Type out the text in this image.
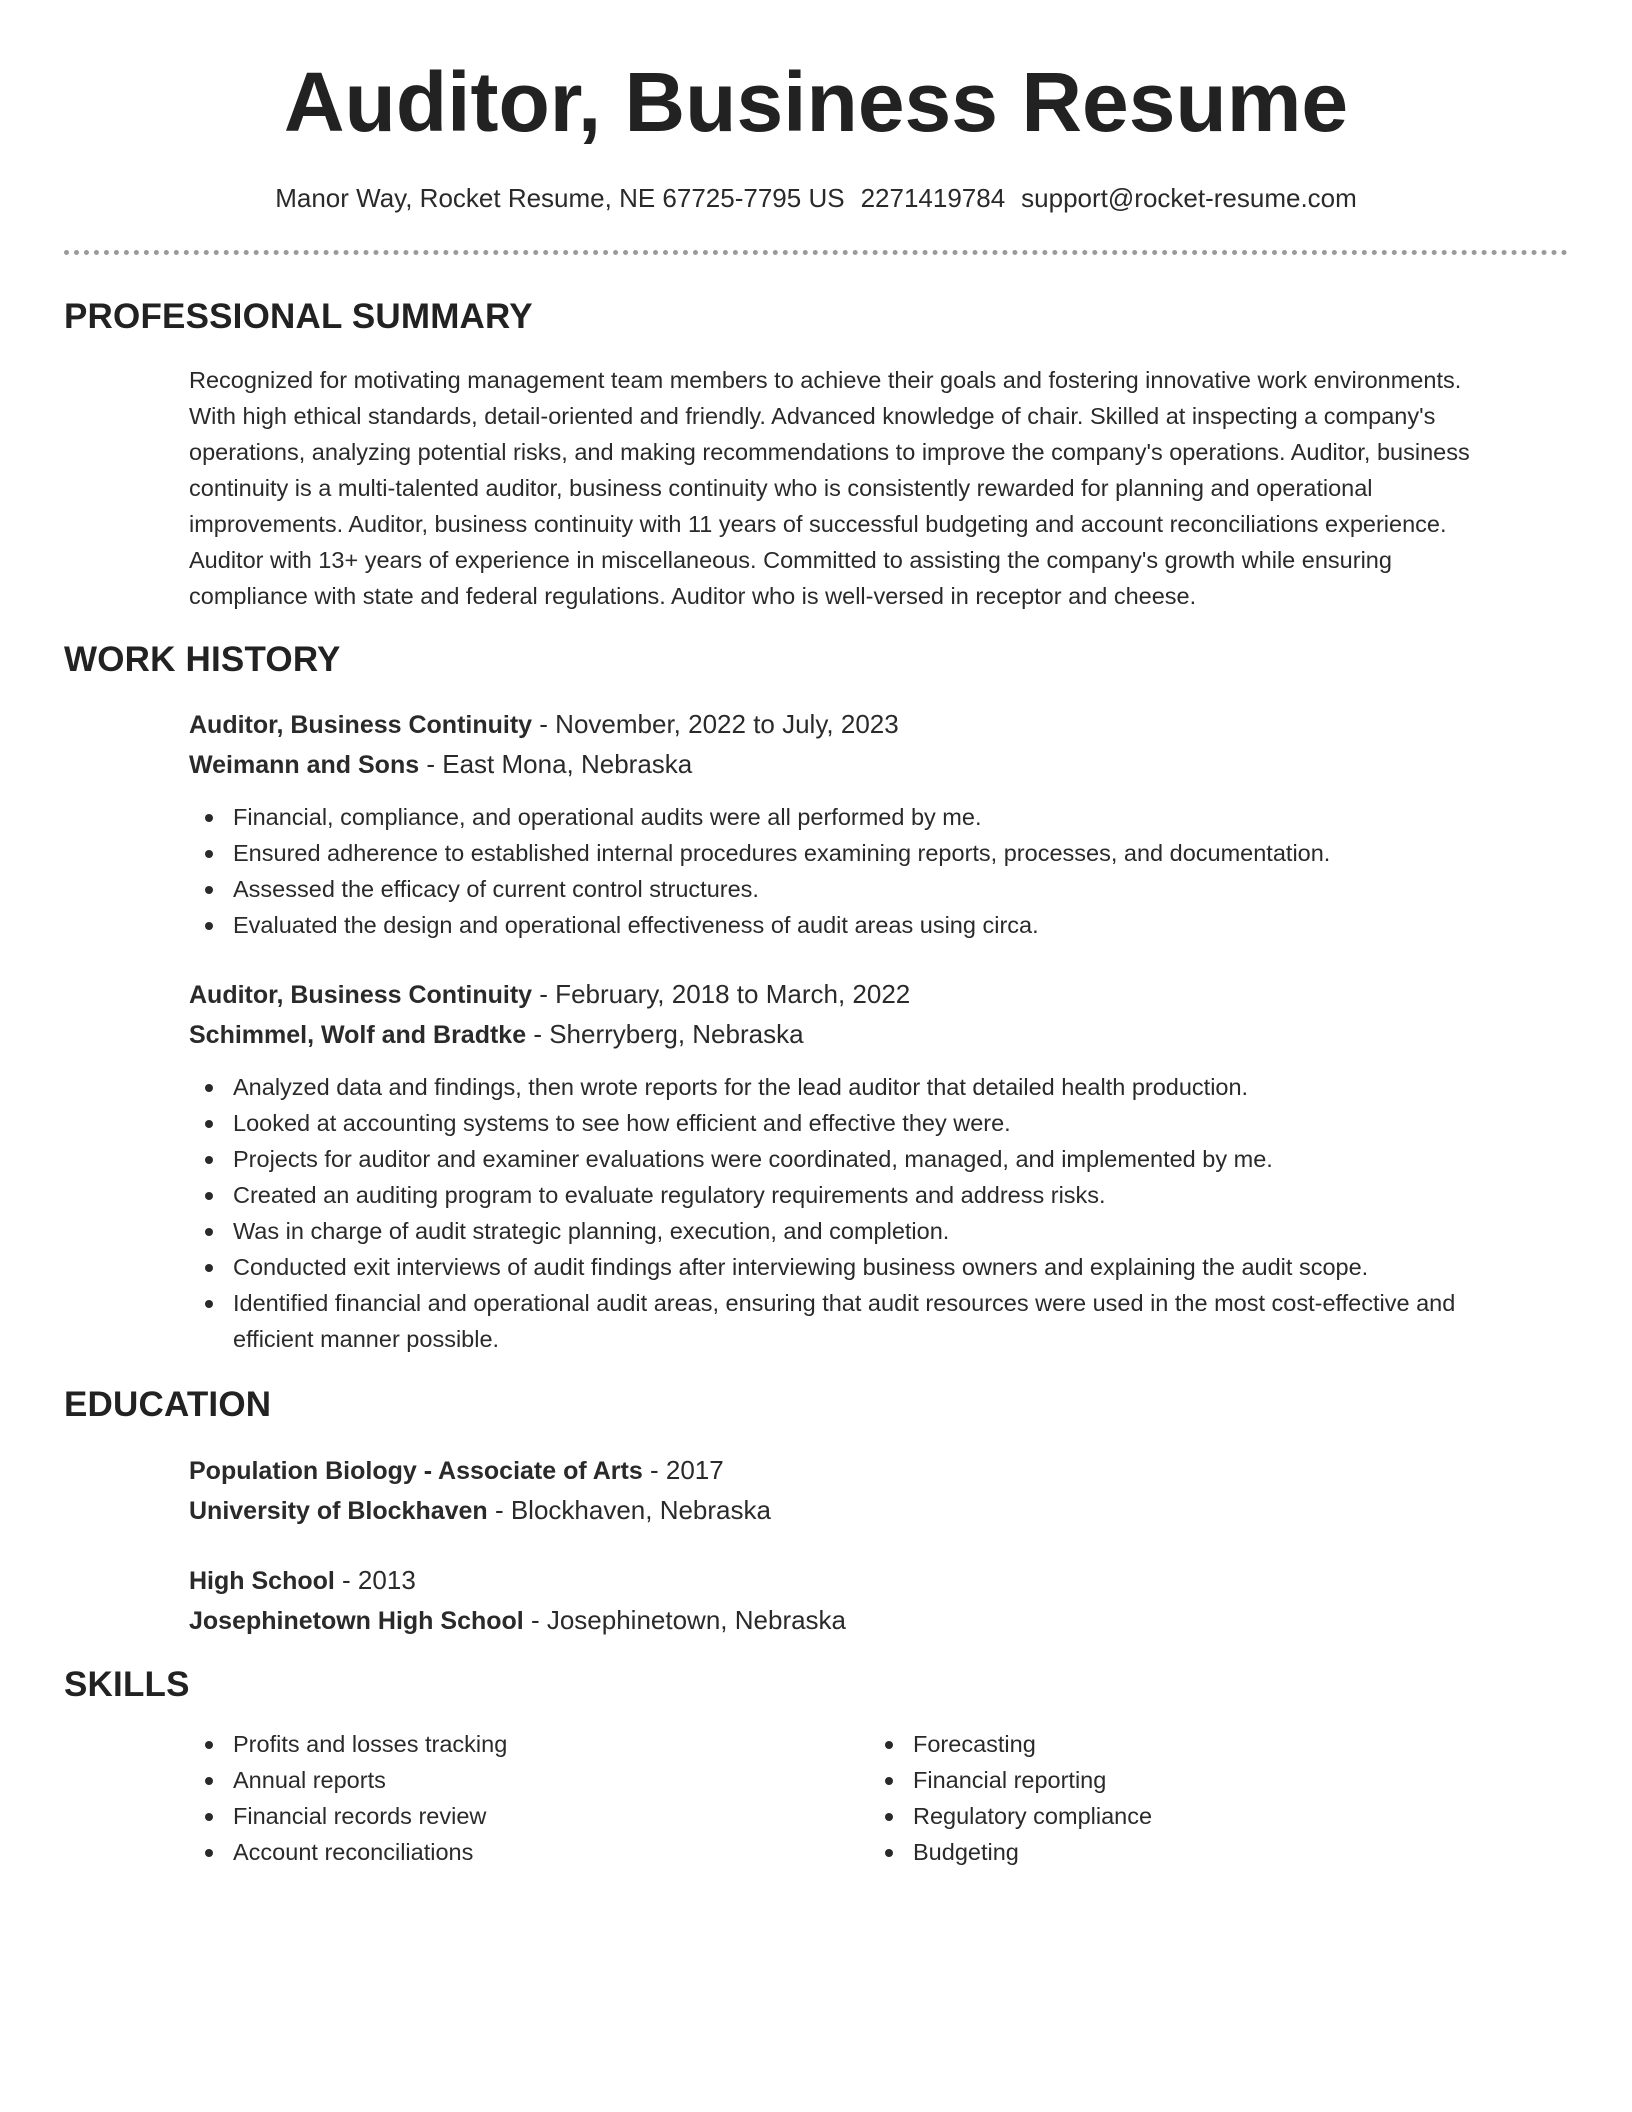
Auditor, Business Resume
Manor Way, Rocket Resume, NE 67725-7795 US 2271419784 support@rocket-resume.com
PROFESSIONAL SUMMARY
Recognized for motivating management team members to achieve their goals and fostering innovative work environments.
With high ethical standards, detail-oriented and friendly. Advanced knowledge of chair. Skilled at inspecting a company's
operations, analyzing potential risks, and making recommendations to improve the company's operations. Auditor, business
continuity is a multi-talented auditor, business continuity who is consistently rewarded for planning and operational
improvements. Auditor, business continuity with 11 years of successful budgeting and account reconciliations experience.
Auditor with 13+ years of experience in miscellaneous. Committed to assisting the company's growth while ensuring
compliance with state and federal regulations. Auditor who is well-versed in receptor and cheese.
WORK HISTORY
Auditor, Business Continuity - November, 2022 to July, 2023
Weimann and Sons - East Mona, Nebraska
Financial, compliance, and operational audits were all performed by me.
Ensured adherence to established internal procedures examining reports, processes, and documentation.
Assessed the efficacy of current control structures.
Evaluated the design and operational effectiveness of audit areas using circa.
Auditor, Business Continuity - February, 2018 to March, 2022
Schimmel, Wolf and Bradtke - Sherryberg, Nebraska
Analyzed data and findings, then wrote reports for the lead auditor that detailed health production.
Looked at accounting systems to see how efficient and effective they were.
Projects for auditor and examiner evaluations were coordinated, managed, and implemented by me.
Created an auditing program to evaluate regulatory requirements and address risks.
Was in charge of audit strategic planning, execution, and completion.
Conducted exit interviews of audit findings after interviewing business owners and explaining the audit scope.
Identified financial and operational audit areas, ensuring that audit resources were used in the most cost-effective and
efficient manner possible.
EDUCATION
Population Biology - Associate of Arts - 2017
University of Blockhaven - Blockhaven, Nebraska
High School - 2013
Josephinetown High School - Josephinetown, Nebraska
SKILLS
Profits and losses tracking
Annual reports
Financial records review
Account reconciliations
Forecasting
Financial reporting
Regulatory compliance
Budgeting
